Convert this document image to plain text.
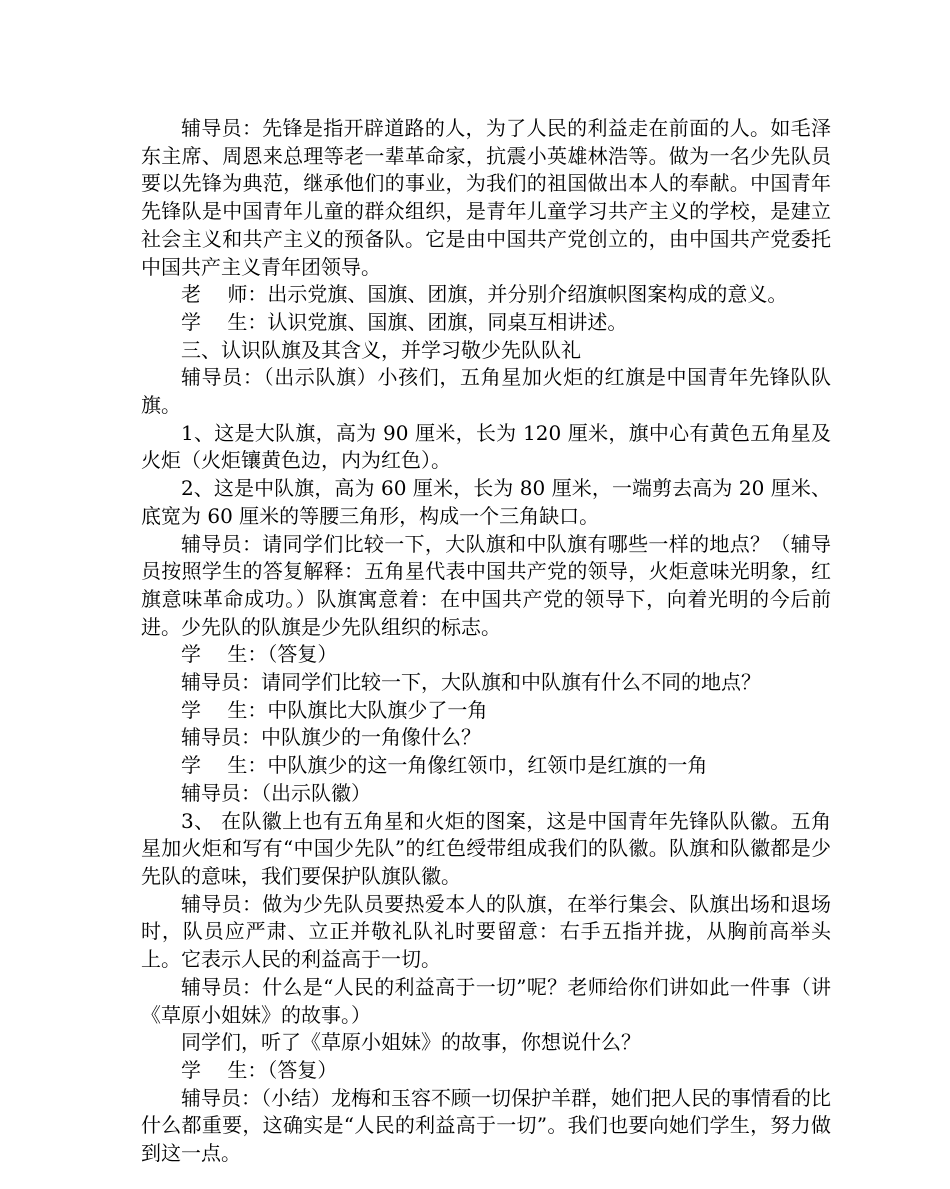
辅导员：先锋是指开辟道路的人，为了人民的利益走在前面的人。如毛泽东主席、周恩来总理等老一辈革命家，抗震小英雄林浩等。做为一名少先队员要以先锋为典范，继承他们的事业，为我们的祖国做出本人的奉献。中国青年先锋队是中国青年儿童的群众组织，是青年儿童学习共产主义的学校，是建立社会主义和共产主义的预备队。它是由中国共产党创立的，由中国共产党委托中国共产主义青年团领导。

老　 师：出示党旗、国旗、团旗，并分别介绍旗帜图案构成的意义。

学　 生：认识党旗、国旗、团旗，同桌互相讲述。

三、认识队旗及其含义，并学习敬少先队队礼

辅导员：（出示队旗）小孩们，五角星加火炬的红旗是中国青年先锋队队旗。

1、这是大队旗，高为 90 厘米，长为 120 厘米，旗中心有黄色五角星及火炬（火炬镶黄色边，内为红色）。

2、这是中队旗，高为 60 厘米，长为 80 厘米，一端剪去高为 20 厘米、底宽为 60 厘米的等腰三角形，构成一个三角缺口。

辅导员：请同学们比较一下，大队旗和中队旗有哪些一样的地点？（辅导员按照学生的答复解释：五角星代表中国共产党的领导，火炬意味光明象，红旗意味革命成功。）队旗寓意着：在中国共产党的领导下，向着光明的今后前进。少先队的队旗是少先队组织的标志。

学　 生：（答复）

辅导员：请同学们比较一下，大队旗和中队旗有什么不同的地点？

学　 生：中队旗比大队旗少了一角

辅导员：中队旗少的一角像什么？

学　 生：中队旗少的这一角像红领巾，红领巾是红旗的一角

辅导员：（出示队徽）

3、 在队徽上也有五角星和火炬的图案，这是中国青年先锋队队徽。五角星加火炬和写有“中国少先队”的红色绶带组成我们的队徽。队旗和队徽都是少先队的意味，我们要保护队旗队徽。

辅导员：做为少先队员要热爱本人的队旗，在举行集会、队旗出场和退场时，队员应严肃、立正并敬礼队礼时要留意：右手五指并拢，从胸前高举头上。它表示人民的利益高于一切。

辅导员：什么是“人民的利益高于一切”呢？老师给你们讲如此一件事（讲《草原小姐妹》的故事。）

同学们，听了《草原小姐妹》的故事，你想说什么？

学　 生：（答复）

辅导员：（小结）龙梅和玉容不顾一切保护羊群，她们把人民的事情看的比什么都重要，这确实是“人民的利益高于一切”。我们也要向她们学生，努力做到这一点。
